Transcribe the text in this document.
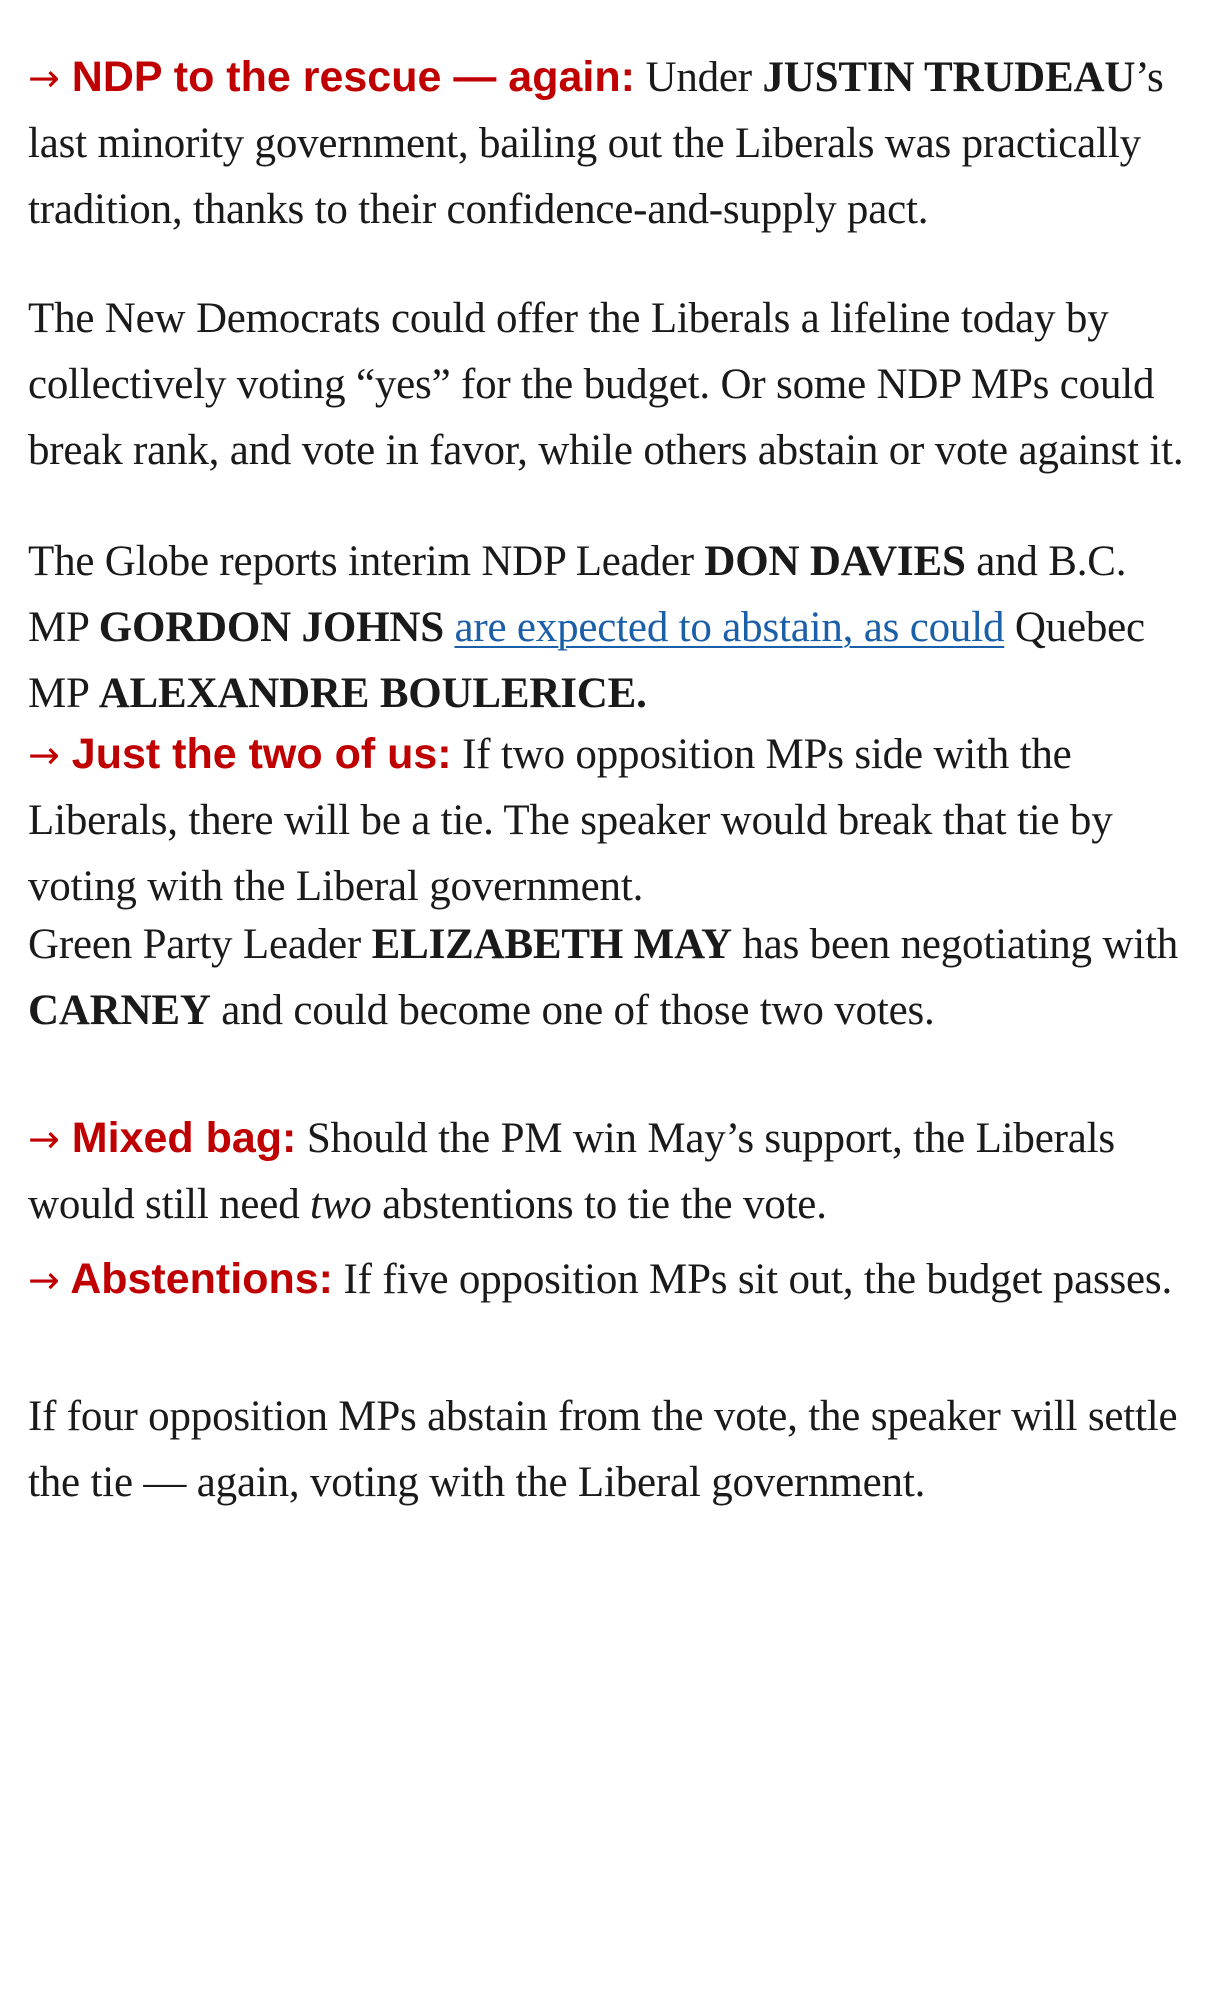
→ NDP to the rescue — again: Under JUSTIN TRUDEAU’s last minority government, bailing out the Liberals was practically tradition, thanks to their confidence-and-supply pact.

The New Democrats could offer the Liberals a lifeline today by collectively voting “yes” for the budget. Or some NDP MPs could break rank, and vote in favor, while others abstain or vote against it.

The Globe reports interim NDP Leader DON DAVIES and B.C. MP GORDON JOHNS are expected to abstain, as could Quebec MP ALEXANDRE BOULERICE.

→ Just the two of us: If two opposition MPs side with the Liberals, there will be a tie. The speaker would break that tie by voting with the Liberal government.

Green Party Leader ELIZABETH MAY has been negotiating with CARNEY and could become one of those two votes.

→ Mixed bag: Should the PM win May’s support, the Liberals would still need two abstentions to tie the vote.

→ Abstentions: If five opposition MPs sit out, the budget passes.

If four opposition MPs abstain from the vote, the speaker will settle the tie — again, voting with the Liberal government.
